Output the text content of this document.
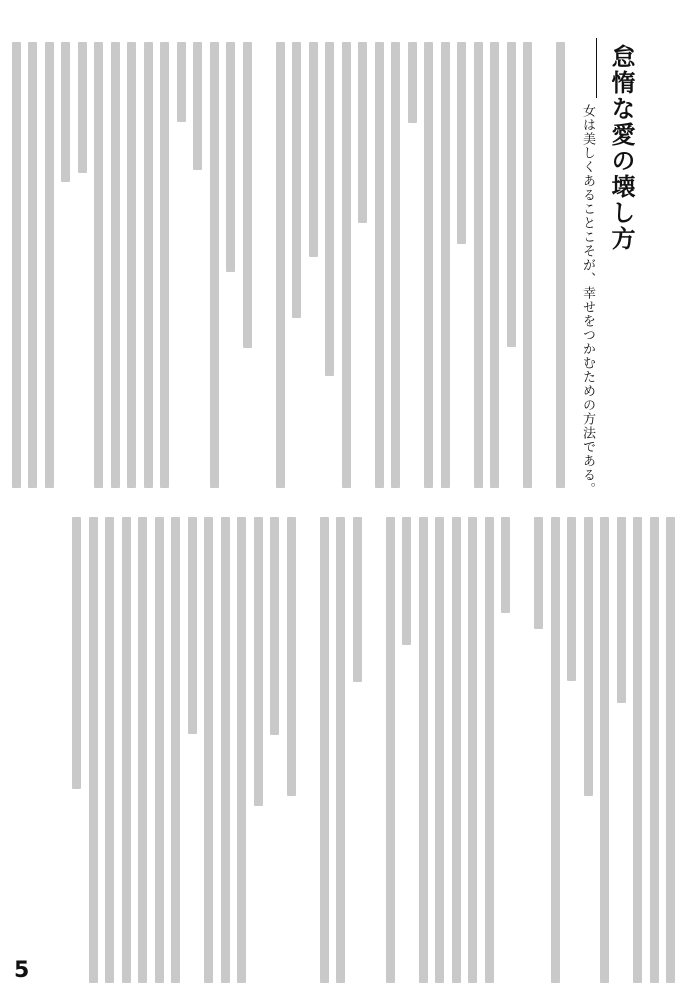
怠惰な愛の壊し方
女は美しくあることこそが、幸せをつかむための方法である。
5
